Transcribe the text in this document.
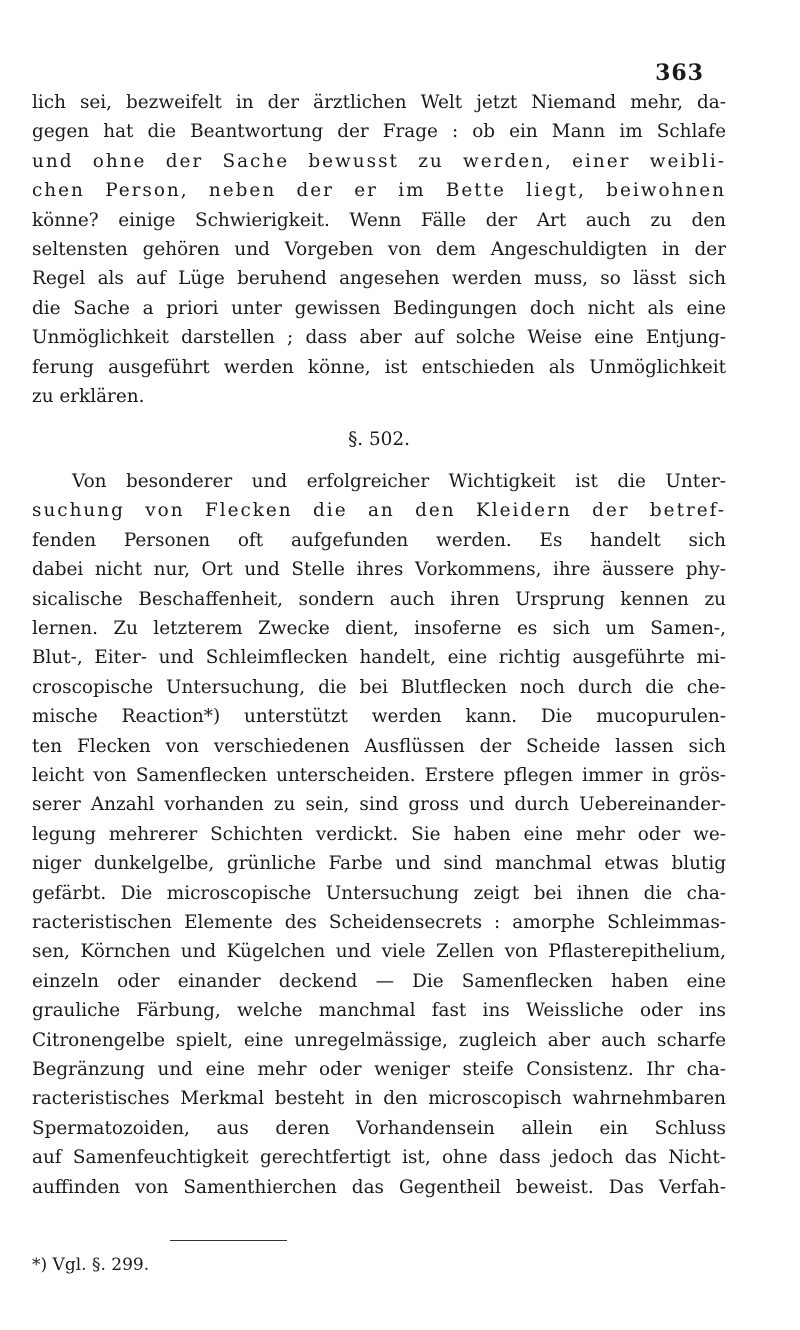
363
lich sei, bezweifelt in der ärztlichen Welt jetzt Niemand mehr, da-
gegen hat die Beantwortung der Frage : ob ein Mann im Schlafe
und ohne der Sache bewusst zu werden, einer weibli-
chen Person, neben der er im Bette liegt, beiwohnen
könne? einige Schwierigkeit. Wenn Fälle der Art auch zu den
seltensten gehören und Vorgeben von dem Angeschuldigten in der
Regel als auf Lüge beruhend angesehen werden muss, so lässt sich
die Sache a priori unter gewissen Bedingungen doch nicht als eine
Unmöglichkeit darstellen ; dass aber auf solche Weise eine Entjung-
ferung ausgeführt werden könne, ist entschieden als Unmöglichkeit
zu erklären.
§. 502.
Von besonderer und erfolgreicher Wichtigkeit ist die Unter-
suchung von Flecken die an den Kleidern der betref-
fenden Personen oft aufgefunden werden. Es handelt sich
dabei nicht nur, Ort und Stelle ihres Vorkommens, ihre äussere phy-
sicalische Beschaffenheit, sondern auch ihren Ursprung kennen zu
lernen. Zu letzterem Zwecke dient, insoferne es sich um Samen-,
Blut-, Eiter- und Schleimflecken handelt, eine richtig ausgeführte mi-
croscopische Untersuchung, die bei Blutflecken noch durch die che-
mische Reaction*) unterstützt werden kann. Die mucopurulen-
ten Flecken von verschiedenen Ausflüssen der Scheide lassen sich
leicht von Samenflecken unterscheiden. Erstere pflegen immer in grös-
serer Anzahl vorhanden zu sein, sind gross und durch Uebereinander-
legung mehrerer Schichten verdickt. Sie haben eine mehr oder we-
niger dunkelgelbe, grünliche Farbe und sind manchmal etwas blutig
gefärbt. Die microscopische Untersuchung zeigt bei ihnen die cha-
racteristischen Elemente des Scheidensecrets : amorphe Schleimmas-
sen, Körnchen und Kügelchen und viele Zellen von Pflasterepithelium,
einzeln oder einander deckend — Die Samenflecken haben eine
grauliche Färbung, welche manchmal fast ins Weissliche oder ins
Citronengelbe spielt, eine unregelmässige, zugleich aber auch scharfe
Begränzung und eine mehr oder weniger steife Consistenz. Ihr cha-
racteristisches Merkmal besteht in den microscopisch wahrnehmbaren
Spermatozoiden, aus deren Vorhandensein allein ein Schluss
auf Samenfeuchtigkeit gerechtfertigt ist, ohne dass jedoch das Nicht-
auffinden von Samenthierchen das Gegentheil beweist. Das Verfah-
*) Vgl. §. 299.
